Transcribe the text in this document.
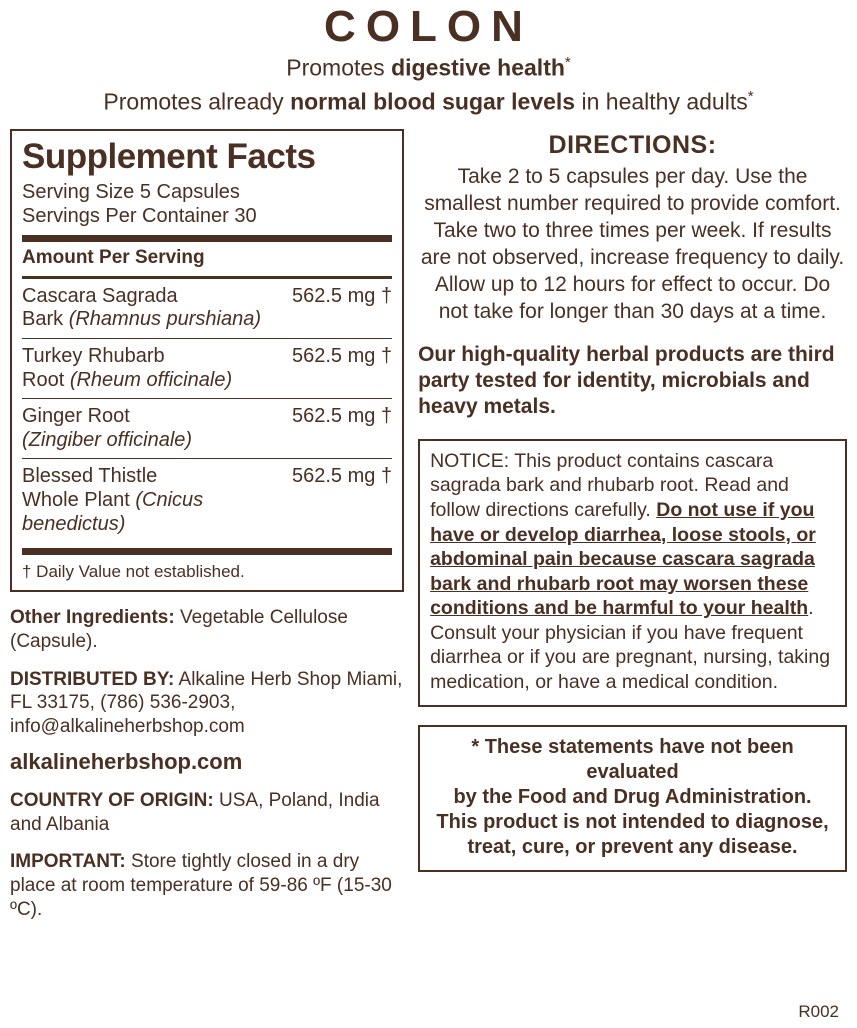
COLON
Promotes digestive health*
Promotes already normal blood sugar levels in healthy adults*
Supplement Facts
Serving Size 5 Capsules
Servings Per Container 30
Amount Per Serving
Cascara Sagrada
Bark (Rhamnus purshiana)
562.5 mg †
Turkey Rhubarb
Root (Rheum officinale)
562.5 mg †
Ginger Root
(Zingiber officinale)
562.5 mg †
Blessed Thistle
Whole Plant (Cnicus benedictus)
562.5 mg †
† Daily Value not established.
Other Ingredients: Vegetable Cellulose (Capsule).
DISTRIBUTED BY: Alkaline Herb Shop Miami, FL 33175, (786) 536-2903, info@alkalineherbshop.com
alkalineherbshop.com
COUNTRY OF ORIGIN: USA, Poland, India and Albania
IMPORTANT: Store tightly closed in a dry place at room temperature of 59-86 ºF (15-30 ºC).
DIRECTIONS:
Take 2 to 5 capsules per day. Use the smallest number required to provide comfort. Take two to three times per week. If results are not observed, increase frequency to daily. Allow up to 12 hours for effect to occur. Do not take for longer than 30 days at a time.
Our high-quality herbal products are third party tested for identity, microbials and heavy metals.
NOTICE: This product contains cascara sagrada bark and rhubarb root. Read and follow directions carefully. Do not use if you have or develop diarrhea, loose stools, or abdominal pain because cascara sagrada bark and rhubarb root may worsen these conditions and be harmful to your health. Consult your physician if you have frequent diarrhea or if you are pregnant, nursing, taking medication, or have a medical condition.
* These statements have not been evaluated
by the Food and Drug Administration.
This product is not intended to diagnose,
treat, cure, or prevent any disease.
R002
